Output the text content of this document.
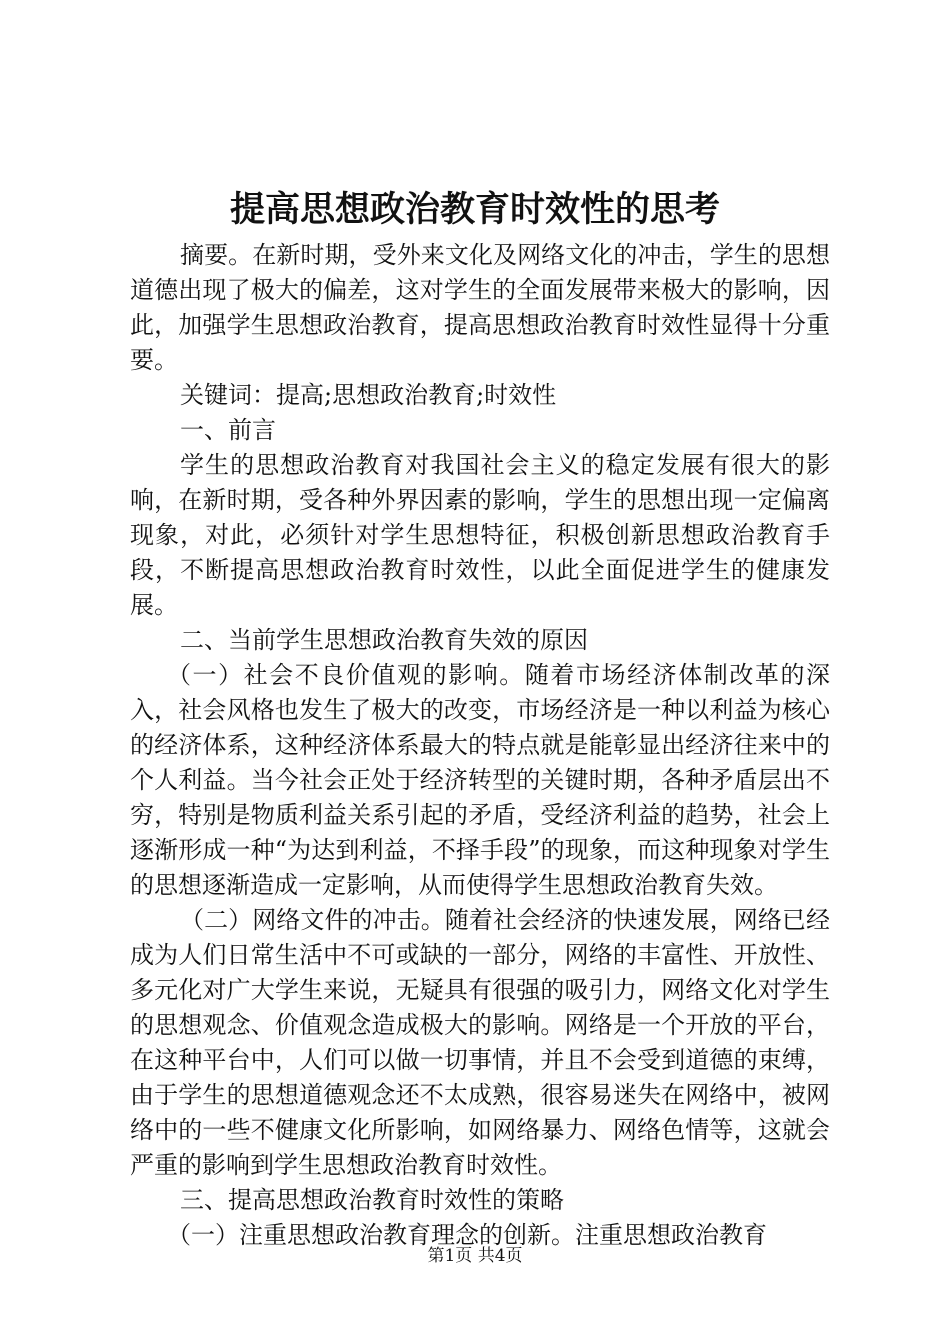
提高思想政治教育时效性的思考

摘要。在新时期，受外来文化及网络文化的冲击，学生的思想道德出现了极大的偏差，这对学生的全面发展带来极大的影响，因此，加强学生思想政治教育，提高思想政治教育时效性显得十分重要。

关键词：提高;思想政治教育;时效性

一、前言

学生的思想政治教育对我国社会主义的稳定发展有很大的影响，在新时期，受各种外界因素的影响，学生的思想出现一定偏离现象，对此，必须针对学生思想特征，积极创新思想政治教育手段，不断提高思想政治教育时效性，以此全面促进学生的健康发展。

二、当前学生思想政治教育失效的原因

（一）社会不良价值观的影响。随着市场经济体制改革的深入，社会风格也发生了极大的改变，市场经济是一种以利益为核心的经济体系，这种经济体系最大的特点就是能彰显出经济往来中的个人利益。当今社会正处于经济转型的关键时期，各种矛盾层出不穷，特别是物质利益关系引起的矛盾，受经济利益的趋势，社会上逐渐形成一种“为达到利益，不择手段”的现象，而这种现象对学生的思想逐渐造成一定影响，从而使得学生思想政治教育失效。

（二）网络文件的冲击。随着社会经济的快速发展，网络已经成为人们日常生活中不可或缺的一部分，网络的丰富性、开放性、多元化对广大学生来说，无疑具有很强的吸引力，网络文化对学生的思想观念、价值观念造成极大的影响。网络是一个开放的平台，在这种平台中，人们可以做一切事情，并且不会受到道德的束缚，由于学生的思想道德观念还不太成熟，很容易迷失在网络中，被网络中的一些不健康文化所影响，如网络暴力、网络色情等，这就会严重的影响到学生思想政治教育时效性。

三、提高思想政治教育时效性的策略

（一）注重思想政治教育理念的创新。注重思想政治教育

第1页 共4页
